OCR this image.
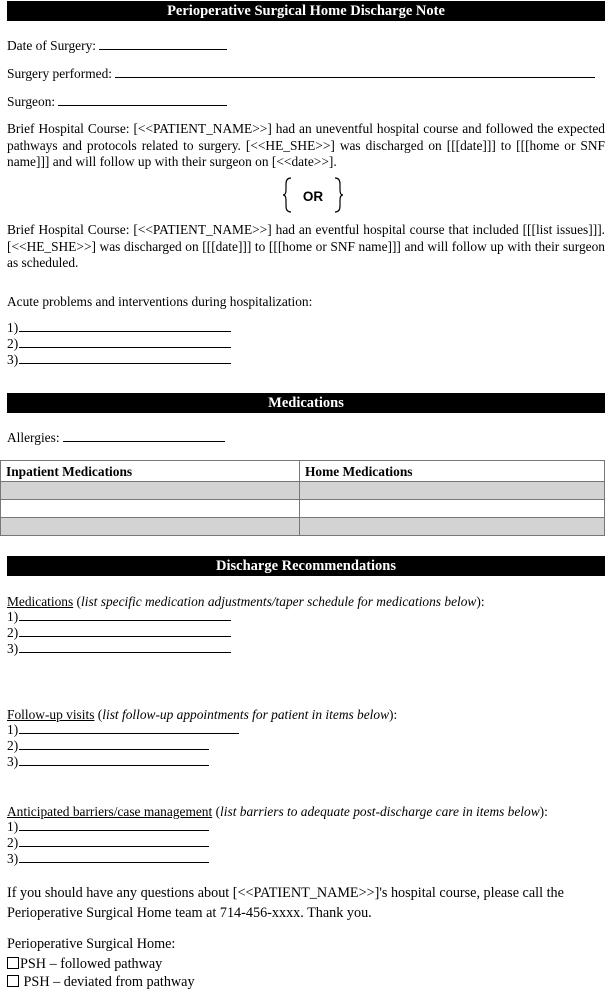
Perioperative Surgical Home Discharge Note
Date of Surgery:
Surgery performed:
Surgeon:
Brief Hospital Course: [<<PATIENT_NAME>>] had an uneventful hospital course and followed the expected pathways and protocols related to surgery. [<<HE_SHE>>] was discharged on [[[date]]] to [[[home or SNF name]]] and will follow up with their surgeon on [<<date>>].
OR
Brief Hospital Course: [<<PATIENT_NAME>>] had an eventful hospital course that included [[[list issues]]]. [<<HE_SHE>>] was discharged on [[[date]]] to [[[home or SNF name]]] and will follow up with their surgeon as scheduled.
Acute problems and interventions during hospitalization:
1)
2)
3)
Medications
Allergies:
Inpatient Medications	Home Medications

Discharge Recommendations
Medications (list specific medication adjustments/taper schedule for medications below):
1)
2)
3)
Follow-up visits (list follow-up appointments for patient in items below):
1)
2)
3)
Anticipated barriers/case management (list barriers to adequate post-discharge care in items below):
1)
2)
3)
If you should have any questions about [<<PATIENT_NAME>>]'s hospital course, please call the Perioperative Surgical Home team at 714-456-xxxx. Thank you.
Perioperative Surgical Home:
PSH – followed pathway
PSH – deviated from pathway
